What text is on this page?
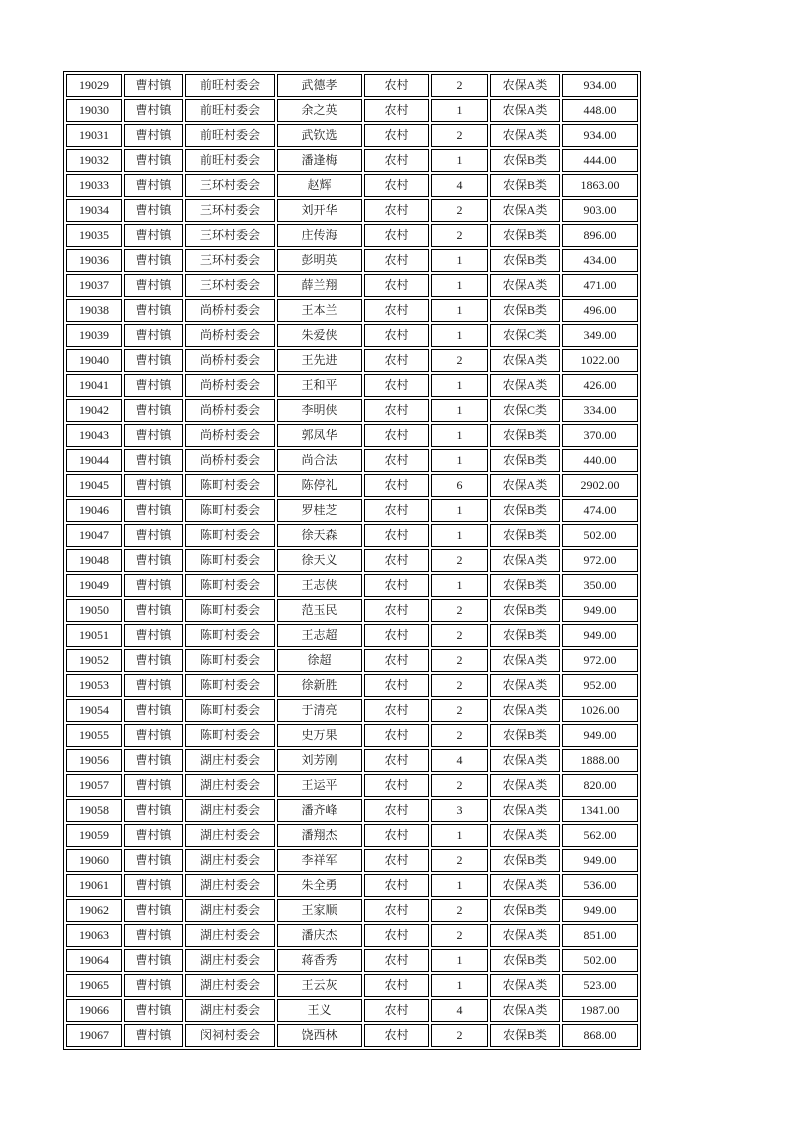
19029	曹村镇	前旺村委会	武德孝	农村	2	农保A类	934.00
19030	曹村镇	前旺村委会	余之英	农村	1	农保A类	448.00
19031	曹村镇	前旺村委会	武钦选	农村	2	农保A类	934.00
19032	曹村镇	前旺村委会	潘逢梅	农村	1	农保B类	444.00
19033	曹村镇	三环村委会	赵辉	农村	4	农保B类	1863.00
19034	曹村镇	三环村委会	刘开华	农村	2	农保A类	903.00
19035	曹村镇	三环村委会	庄传海	农村	2	农保B类	896.00
19036	曹村镇	三环村委会	彭明英	农村	1	农保B类	434.00
19037	曹村镇	三环村委会	薛兰翔	农村	1	农保A类	471.00
19038	曹村镇	尚桥村委会	王本兰	农村	1	农保B类	496.00
19039	曹村镇	尚桥村委会	朱爱侠	农村	1	农保C类	349.00
19040	曹村镇	尚桥村委会	王先进	农村	2	农保A类	1022.00
19041	曹村镇	尚桥村委会	王和平	农村	1	农保A类	426.00
19042	曹村镇	尚桥村委会	李明侠	农村	1	农保C类	334.00
19043	曹村镇	尚桥村委会	郭凤华	农村	1	农保B类	370.00
19044	曹村镇	尚桥村委会	尚合法	农村	1	农保B类	440.00
19045	曹村镇	陈町村委会	陈停礼	农村	6	农保A类	2902.00
19046	曹村镇	陈町村委会	罗桂芝	农村	1	农保B类	474.00
19047	曹村镇	陈町村委会	徐天森	农村	1	农保B类	502.00
19048	曹村镇	陈町村委会	徐天义	农村	2	农保A类	972.00
19049	曹村镇	陈町村委会	王志侠	农村	1	农保B类	350.00
19050	曹村镇	陈町村委会	范玉民	农村	2	农保B类	949.00
19051	曹村镇	陈町村委会	王志超	农村	2	农保B类	949.00
19052	曹村镇	陈町村委会	徐超	农村	2	农保A类	972.00
19053	曹村镇	陈町村委会	徐新胜	农村	2	农保A类	952.00
19054	曹村镇	陈町村委会	于清亮	农村	2	农保A类	1026.00
19055	曹村镇	陈町村委会	史万果	农村	2	农保B类	949.00
19056	曹村镇	湖庄村委会	刘芳刚	农村	4	农保A类	1888.00
19057	曹村镇	湖庄村委会	王运平	农村	2	农保A类	820.00
19058	曹村镇	湖庄村委会	潘齐峰	农村	3	农保A类	1341.00
19059	曹村镇	湖庄村委会	潘翔杰	农村	1	农保A类	562.00
19060	曹村镇	湖庄村委会	李祥军	农村	2	农保B类	949.00
19061	曹村镇	湖庄村委会	朱全勇	农村	1	农保A类	536.00
19062	曹村镇	湖庄村委会	王家顺	农村	2	农保B类	949.00
19063	曹村镇	湖庄村委会	潘庆杰	农村	2	农保A类	851.00
19064	曹村镇	湖庄村委会	蒋香秀	农村	1	农保B类	502.00
19065	曹村镇	湖庄村委会	王云灰	农村	1	农保A类	523.00
19066	曹村镇	湖庄村委会	王义	农村	4	农保A类	1987.00
19067	曹村镇	闵祠村委会	饶西林	农村	2	农保B类	868.00
